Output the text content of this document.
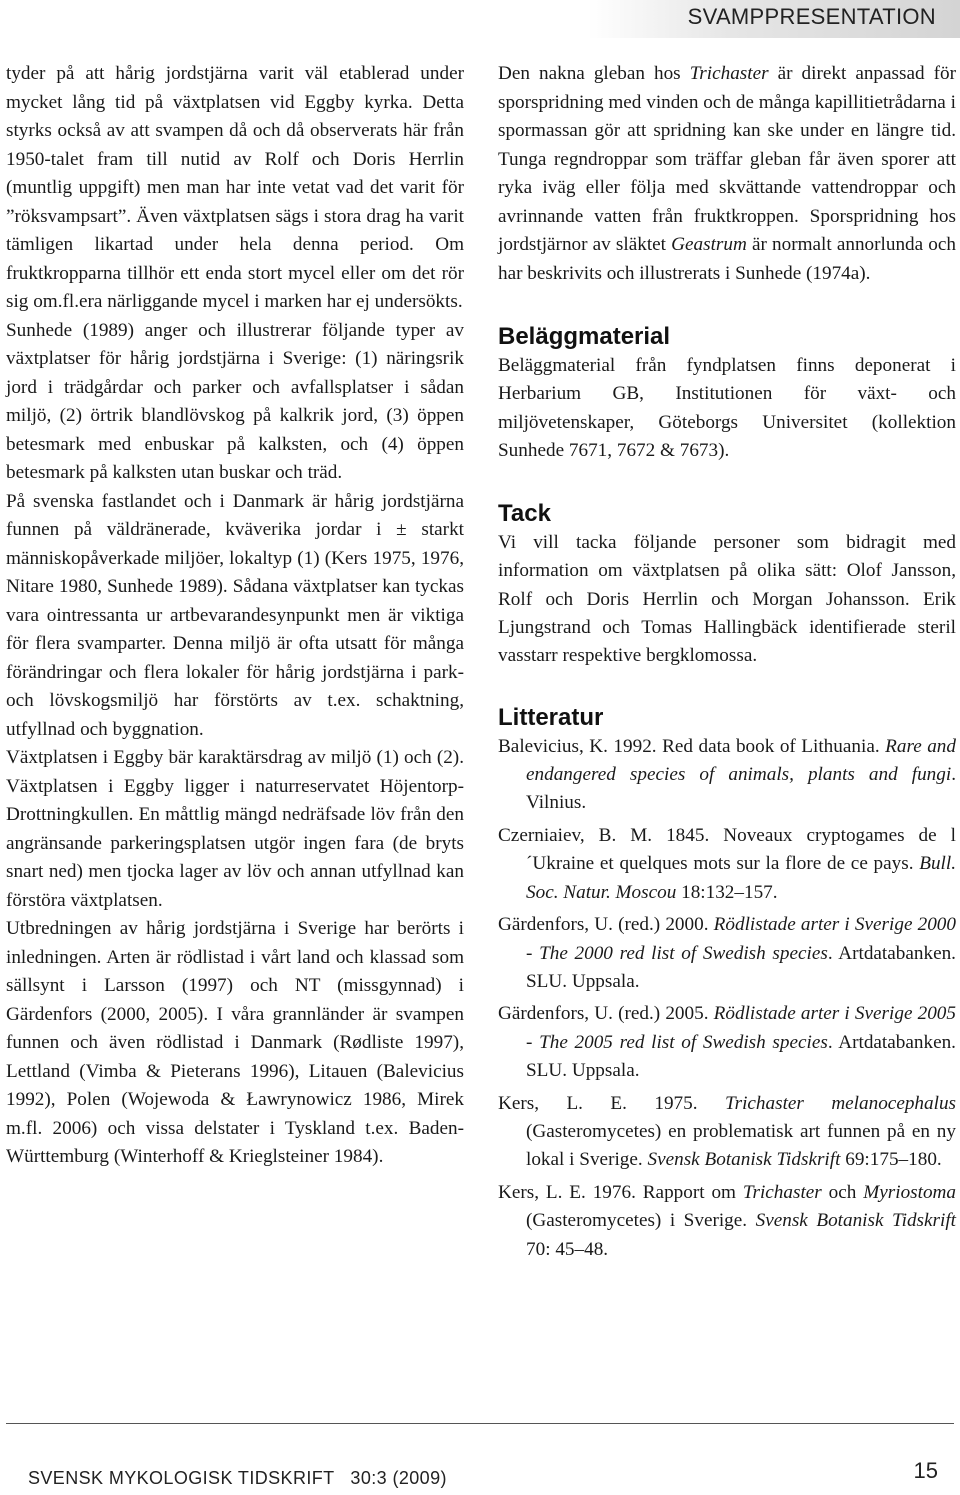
SVAMPPRESENTATION

tyder på att hårig jordstjärna varit väl etablerad under mycket lång tid på växtplatsen vid Eggby kyrka. Detta styrks också av att svampen då och då observerats här från 1950-talet fram till nutid av Rolf och Doris Herrlin (muntlig uppgift) men man har inte vetat vad det varit för ”röksvampsart”. Även växtplatsen sägs i stora drag ha varit tämligen likartad under hela denna period. Om fruktkropparna tillhör ett enda stort mycel eller om det rör sig om.fl.era närliggande mycel i marken har ej undersökts.

Sunhede (1989) anger och illustrerar följande typer av växtplatser för hårig jordstjärna i Sverige: (1) näringsrik jord i trädgårdar och parker och avfallsplatser i sådan miljö, (2) örtrik blandlövskog på kalkrik jord, (3) öppen betesmark med enbuskar på kalksten, och (4) öppen betesmark på kalksten utan buskar och träd.

På svenska fastlandet och i Danmark är hårig jordstjärna funnen på väldränerade, kväverika jordar i ± starkt människopåverkade miljöer, lokaltyp (1) (Kers 1975, 1976, Nitare 1980, Sunhede 1989). Sådana växtplatser kan tyckas vara ointressanta ur artbevarandesynpunkt men är viktiga för flera svamparter. Denna miljö är ofta utsatt för många förändringar och flera lokaler för hårig jordstjärna i park- och lövskogsmiljö har förstörts av t.ex. schaktning, utfyllnad och byggnation.

Växtplatsen i Eggby bär karaktärsdrag av miljö (1) och (2). Växtplatsen i Eggby ligger i naturreservatet Höjentorp-Drottningkullen. En måttlig mängd nedräfsade löv från den angränsande parkeringsplatsen utgör ingen fara (de bryts snart ned) men tjocka lager av löv och annan utfyllnad kan förstöra växtplatsen.

Utbredningen av hårig jordstjärna i Sverige har berörts i inledningen. Arten är rödlistad i vårt land och klassad som sällsynt i Larsson (1997) och NT (missgynnad) i Gärdenfors (2000, 2005). I våra grannländer är svampen funnen och även rödlistad i Danmark (Rødliste 1997), Lettland (Vimba & Pieterans 1996), Litauen (Balevicius 1992), Polen (Wojewoda & Ławrynowicz 1986, Mirek m.fl. 2006) och vissa delstater i Tyskland t.ex. Baden-Württemburg (Winterhoff & Krieglsteiner 1984).

Den nakna gleban hos Trichaster är direkt anpassad för sporspridning med vinden och de många kapillitietrådarna i spormassan gör att spridning kan ske under en längre tid. Tunga regndroppar som träffar gleban får även sporer att ryka iväg eller följa med skvättande vattendroppar och avrinnande vatten från fruktkroppen. Sporspridning hos jordstjärnor av släktet Geastrum är normalt annorlunda och har beskrivits och illustrerats i Sunhede (1974a).

Beläggmaterial

Beläggmaterial från fyndplatsen finns deponerat i Herbarium GB, Institutionen för växt- och miljövetenskaper, Göteborgs Universitet (kollektion Sunhede 7671, 7672 & 7673).

Tack

Vi vill tacka följande personer som bidragit med information om växtplatsen på olika sätt: Olof Jansson, Rolf och Doris Herrlin och Morgan Johansson. Erik Ljungstrand och Tomas Hallingbäck identifierade steril vasstarr respektive bergklomossa.

Litteratur

Balevicius, K. 1992. Red data book of Lithuania. Rare and endangered species of animals, plants and fungi. Vilnius.

Czerniaiev, B. M. 1845. Noveaux cryptogames de l´Ukraine et quelques mots sur la flore de ce pays. Bull. Soc. Natur. Moscou 18:132–157.

Gärdenfors, U. (red.) 2000. Rödlistade arter i Sverige 2000 - The 2000 red list of Swedish species. Artdatabanken. SLU. Uppsala.

Gärdenfors, U. (red.) 2005. Rödlistade arter i Sverige 2005 - The 2005 red list of Swedish species. Artdatabanken. SLU. Uppsala.

Kers, L. E. 1975. Trichaster melanocephalus (Gasteromycetes) en problematisk art funnen på en ny lokal i Sverige. Svensk Botanisk Tidskrift 69:175–180.

Kers, L. E. 1976. Rapport om Trichaster och Myriostoma (Gasteromycetes) i Sverige. Svensk Botanisk Tidskrift 70: 45–48.

SVENSK MYKOLOGISK TIDSKRIFT   30:3 (2009)	15
